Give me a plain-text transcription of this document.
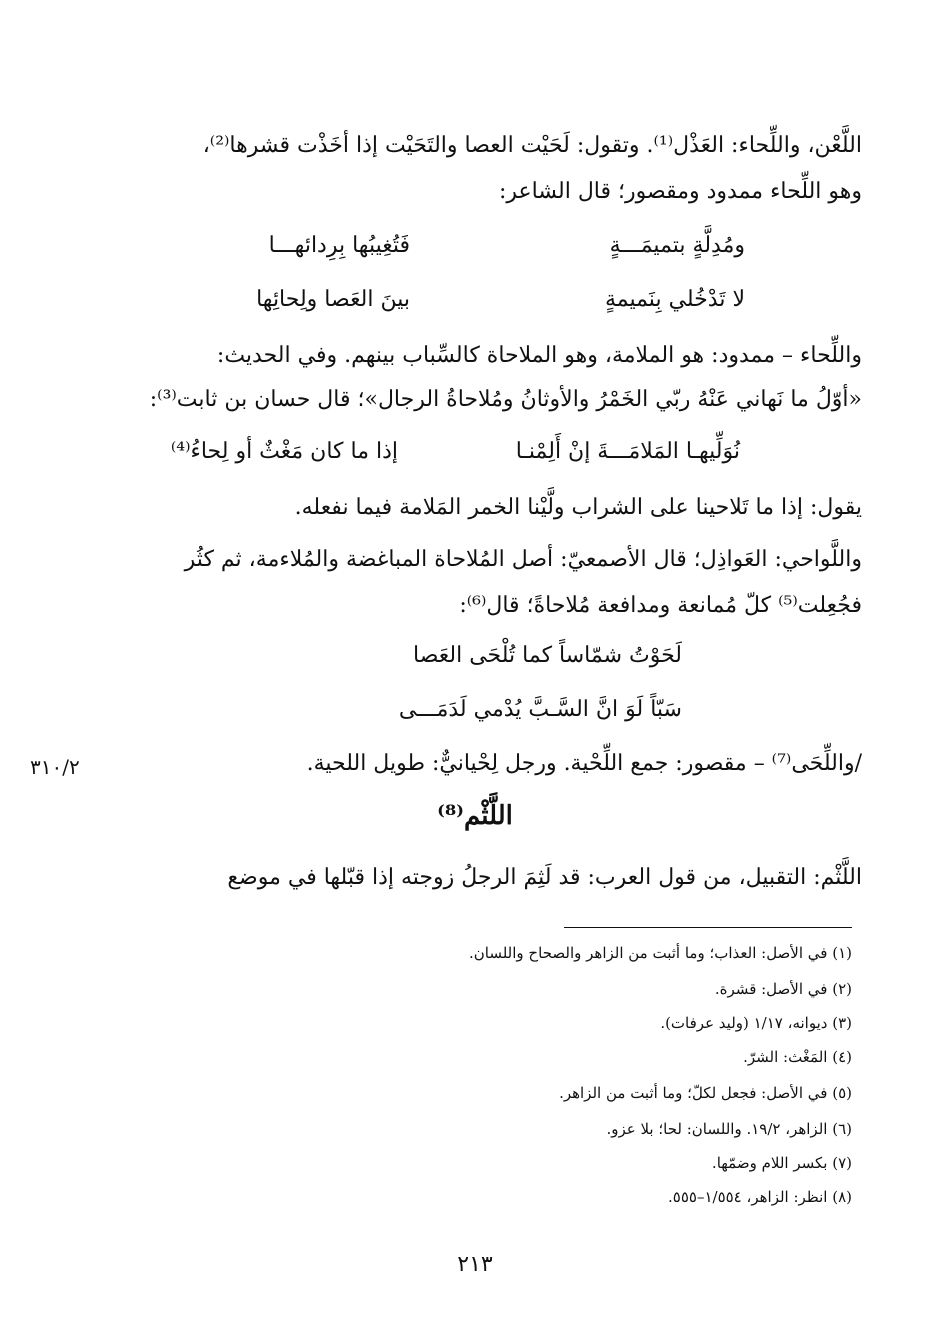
اللَّعْن، واللِّحاء: العَذْل⁽¹⁾. وتقول: لَحَيْت العصا والتَحَيْت إذا أخَذْت قشرها⁽²⁾،
وهو اللِّحاء ممدود ومقصور؛ قال الشاعر:
ومُدِلَّةٍ بتميمَـــةٍ
فَتُغِيبُها بِرِدائهـــا
لا تَدْخُلي بِنَميمةٍ
بينَ العَصا ولِحائِها
واللِّحاء – ممدود: هو الملامة، وهو الملاحاة كالسِّباب بينهم. وفي الحديث:
«أوّلُ ما نَهاني عَنْهُ ربّي الخَمْرُ والأوثانُ ومُلاحاةُ الرجال»؛ قال حسان بن ثابت⁽³⁾:
نُوَلِّيهـا المَلامَـــةَ إنْ أَلِمْنـا
إذا ما كان مَغْثٌ أو لِحاءُ⁽⁴⁾
يقول: إذا ما تَلاحينا على الشراب ولَّيْنا الخمر المَلامة فيما نفعله.
واللَّواحي: العَواذِل؛ قال الأصمعيّ: أصل المُلاحاة المباغضة والمُلاءمة، ثم كثُر
فجُعِلت⁽⁵⁾ كلّ مُمانعة ومدافعة مُلاحاةً؛ قال⁽⁶⁾:
لَحَوْتُ شمّاساً كما تُلْحَى العَصا
سَبّاً لَوَ انَّ السَّـبَّ يُدْمي لَدَمَـــى
/واللِّحَى⁽⁷⁾ – مقصور: جمع اللِّحْية. ورجل لِحْيانيٌّ: طويل اللحية.
٣١٠/٢
اللَّثْم⁽⁸⁾
اللَّثْم: التقبيل، من قول العرب: قد لَثِمَ الرجلُ زوجته إذا قبّلها في موضع
(١) في الأصل: العذاب؛ وما أثبت من الزاهر والصحاح واللسان.
(٢) في الأصل: قشرة.
(٣) ديوانه، ١/١٧ (وليد عرفات).
(٤) المَغْث: الشرّ.
(٥) في الأصل: فجعل لكلّ؛ وما أثبت من الزاهر.
(٦) الزاهر، ١٩/٢. واللسان: لحا؛ بلا عزو.
(٧) بكسر اللام وضمّها.
(٨) انظر: الزاهر، ١/٥٥٤–٥٥٥.
٢١٣
